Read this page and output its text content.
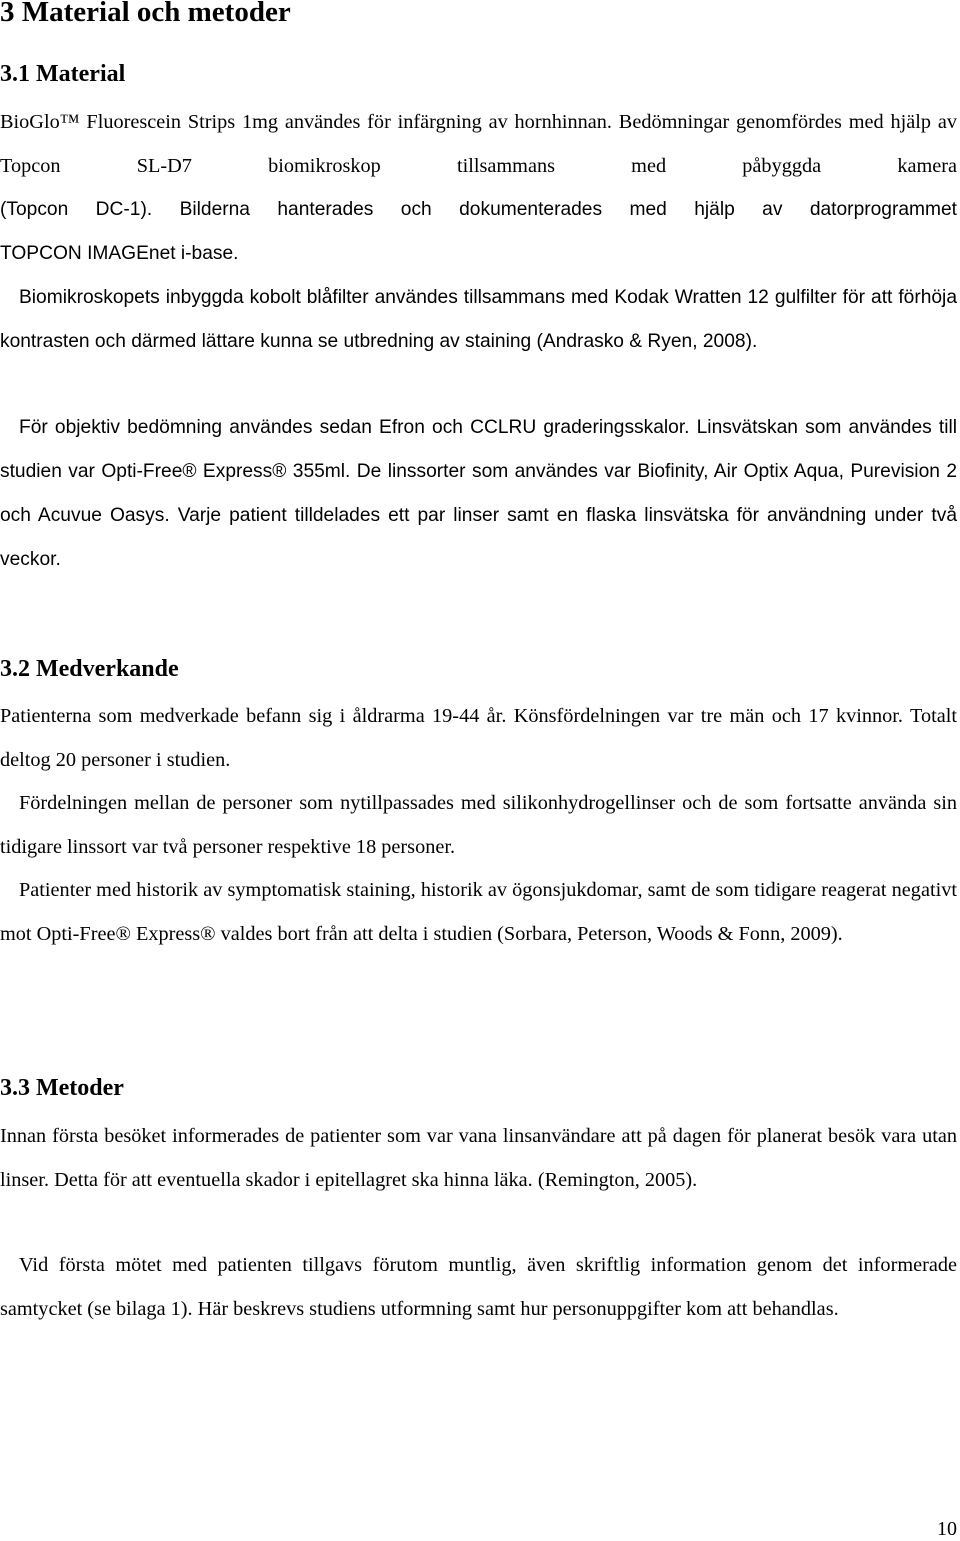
3 Material och metoder
3.1 Material

BioGlo™ Fluorescein Strips 1mg användes för infärgning av hornhinnan. Bedömningar genomfördes med hjälp av Topcon SL-D7 biomikroskop tillsammans med påbyggda kamera

(Topcon DC-1). Bilderna hanterades och dokumenterades med hjälp av datorprogrammet

TOPCON IMAGEnet i-base.

Biomikroskopets inbyggda kobolt blåfilter användes tillsammans med Kodak Wratten 12 gulfilter för att förhöja kontrasten och därmed lättare kunna se utbredning av staining (Andrasko & Ryen, 2008).

För objektiv bedömning användes sedan Efron och CCLRU graderingsskalor. Linsvätskan som användes till studien var Opti-Free® Express® 355ml. De linssorter som användes var Biofinity, Air Optix Aqua, Purevision 2 och Acuvue Oasys. Varje patient tilldelades ett par linser samt en flaska linsvätska för användning under två veckor.

3.2 Medverkande

Patienterna som medverkade befann sig i åldrarma 19-44 år. Könsfördelningen var tre män och 17 kvinnor. Totalt deltog 20 personer i studien.

Fördelningen mellan de personer som nytillpassades med silikonhydrogellinser och de som fortsatte använda sin tidigare linssort var två personer respektive 18 personer.

Patienter med historik av symptomatisk staining, historik av ögonsjukdomar, samt de som tidigare reagerat negativt mot Opti-Free® Express® valdes bort från att delta i studien (Sorbara, Peterson, Woods & Fonn, 2009).

3.3 Metoder

Innan första besöket informerades de patienter som var vana linsanvändare att på dagen för planerat besök vara utan linser. Detta för att eventuella skador i epitellagret ska hinna läka. (Remington, 2005).

Vid första mötet med patienten tillgavs förutom muntlig, även skriftlig information genom det informerade samtycket (se bilaga 1). Här beskrevs studiens utformning samt hur personuppgifter kom att behandlas.

10
